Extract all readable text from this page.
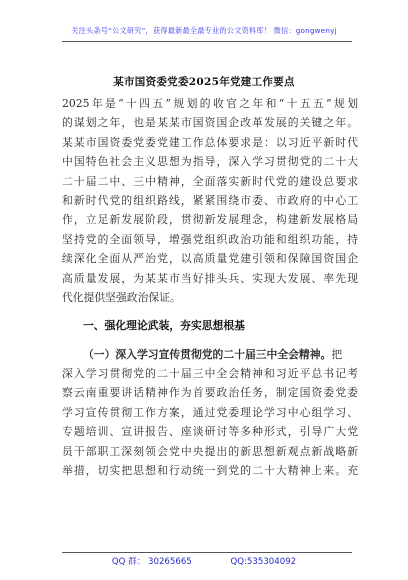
关注头条号“公文研究”，获得最新最全最专业的公文资料库！ 微信：gongwenyj
某市国资委党委2025年党建工作要点
2025年是“十四五”规划的收官之年和“十五五”规划
的谋划之年，也是某某市国资国企改革发展的关键之年。
某某市国资委党委党建工作总体要求是：以习近平新时代
中国特色社会主义思想为指导，深入学习贯彻党的二十大
二十届二中、三中精神，全面落实新时代党的建设总要求
和新时代党的组织路线，紧紧围绕市委、市政府的中心工
作，立足新发展阶段，贯彻新发展理念，构建新发展格局
坚持党的全面领导，增强党组织政治功能和组织功能，持
续深化全面从严治党，以高质量党建引领和保障国资国企
高质量发展，为某某市当好排头兵、实现大发展、率先现
代化提供坚强政治保证。
一、强化理论武装，夯实思想根基
（一）深入学习宣传贯彻党的二十届三中全会精神。把
深入学习贯彻党的二十届三中全会精神和习近平总书记考
察云南重要讲话精神作为首要政治任务，制定国资委党委
学习宣传贯彻工作方案，通过党委理论学习中心组学习、
专题培训、宣讲报告、座谈研讨等多种形式，引导广大党
员干部职工深刻领会党中央提出的新思想新观点新战略新
举措，切实把思想和行动统一到党的二十大精神上来。充
QQ 群： 30265665	QQ:535304092
